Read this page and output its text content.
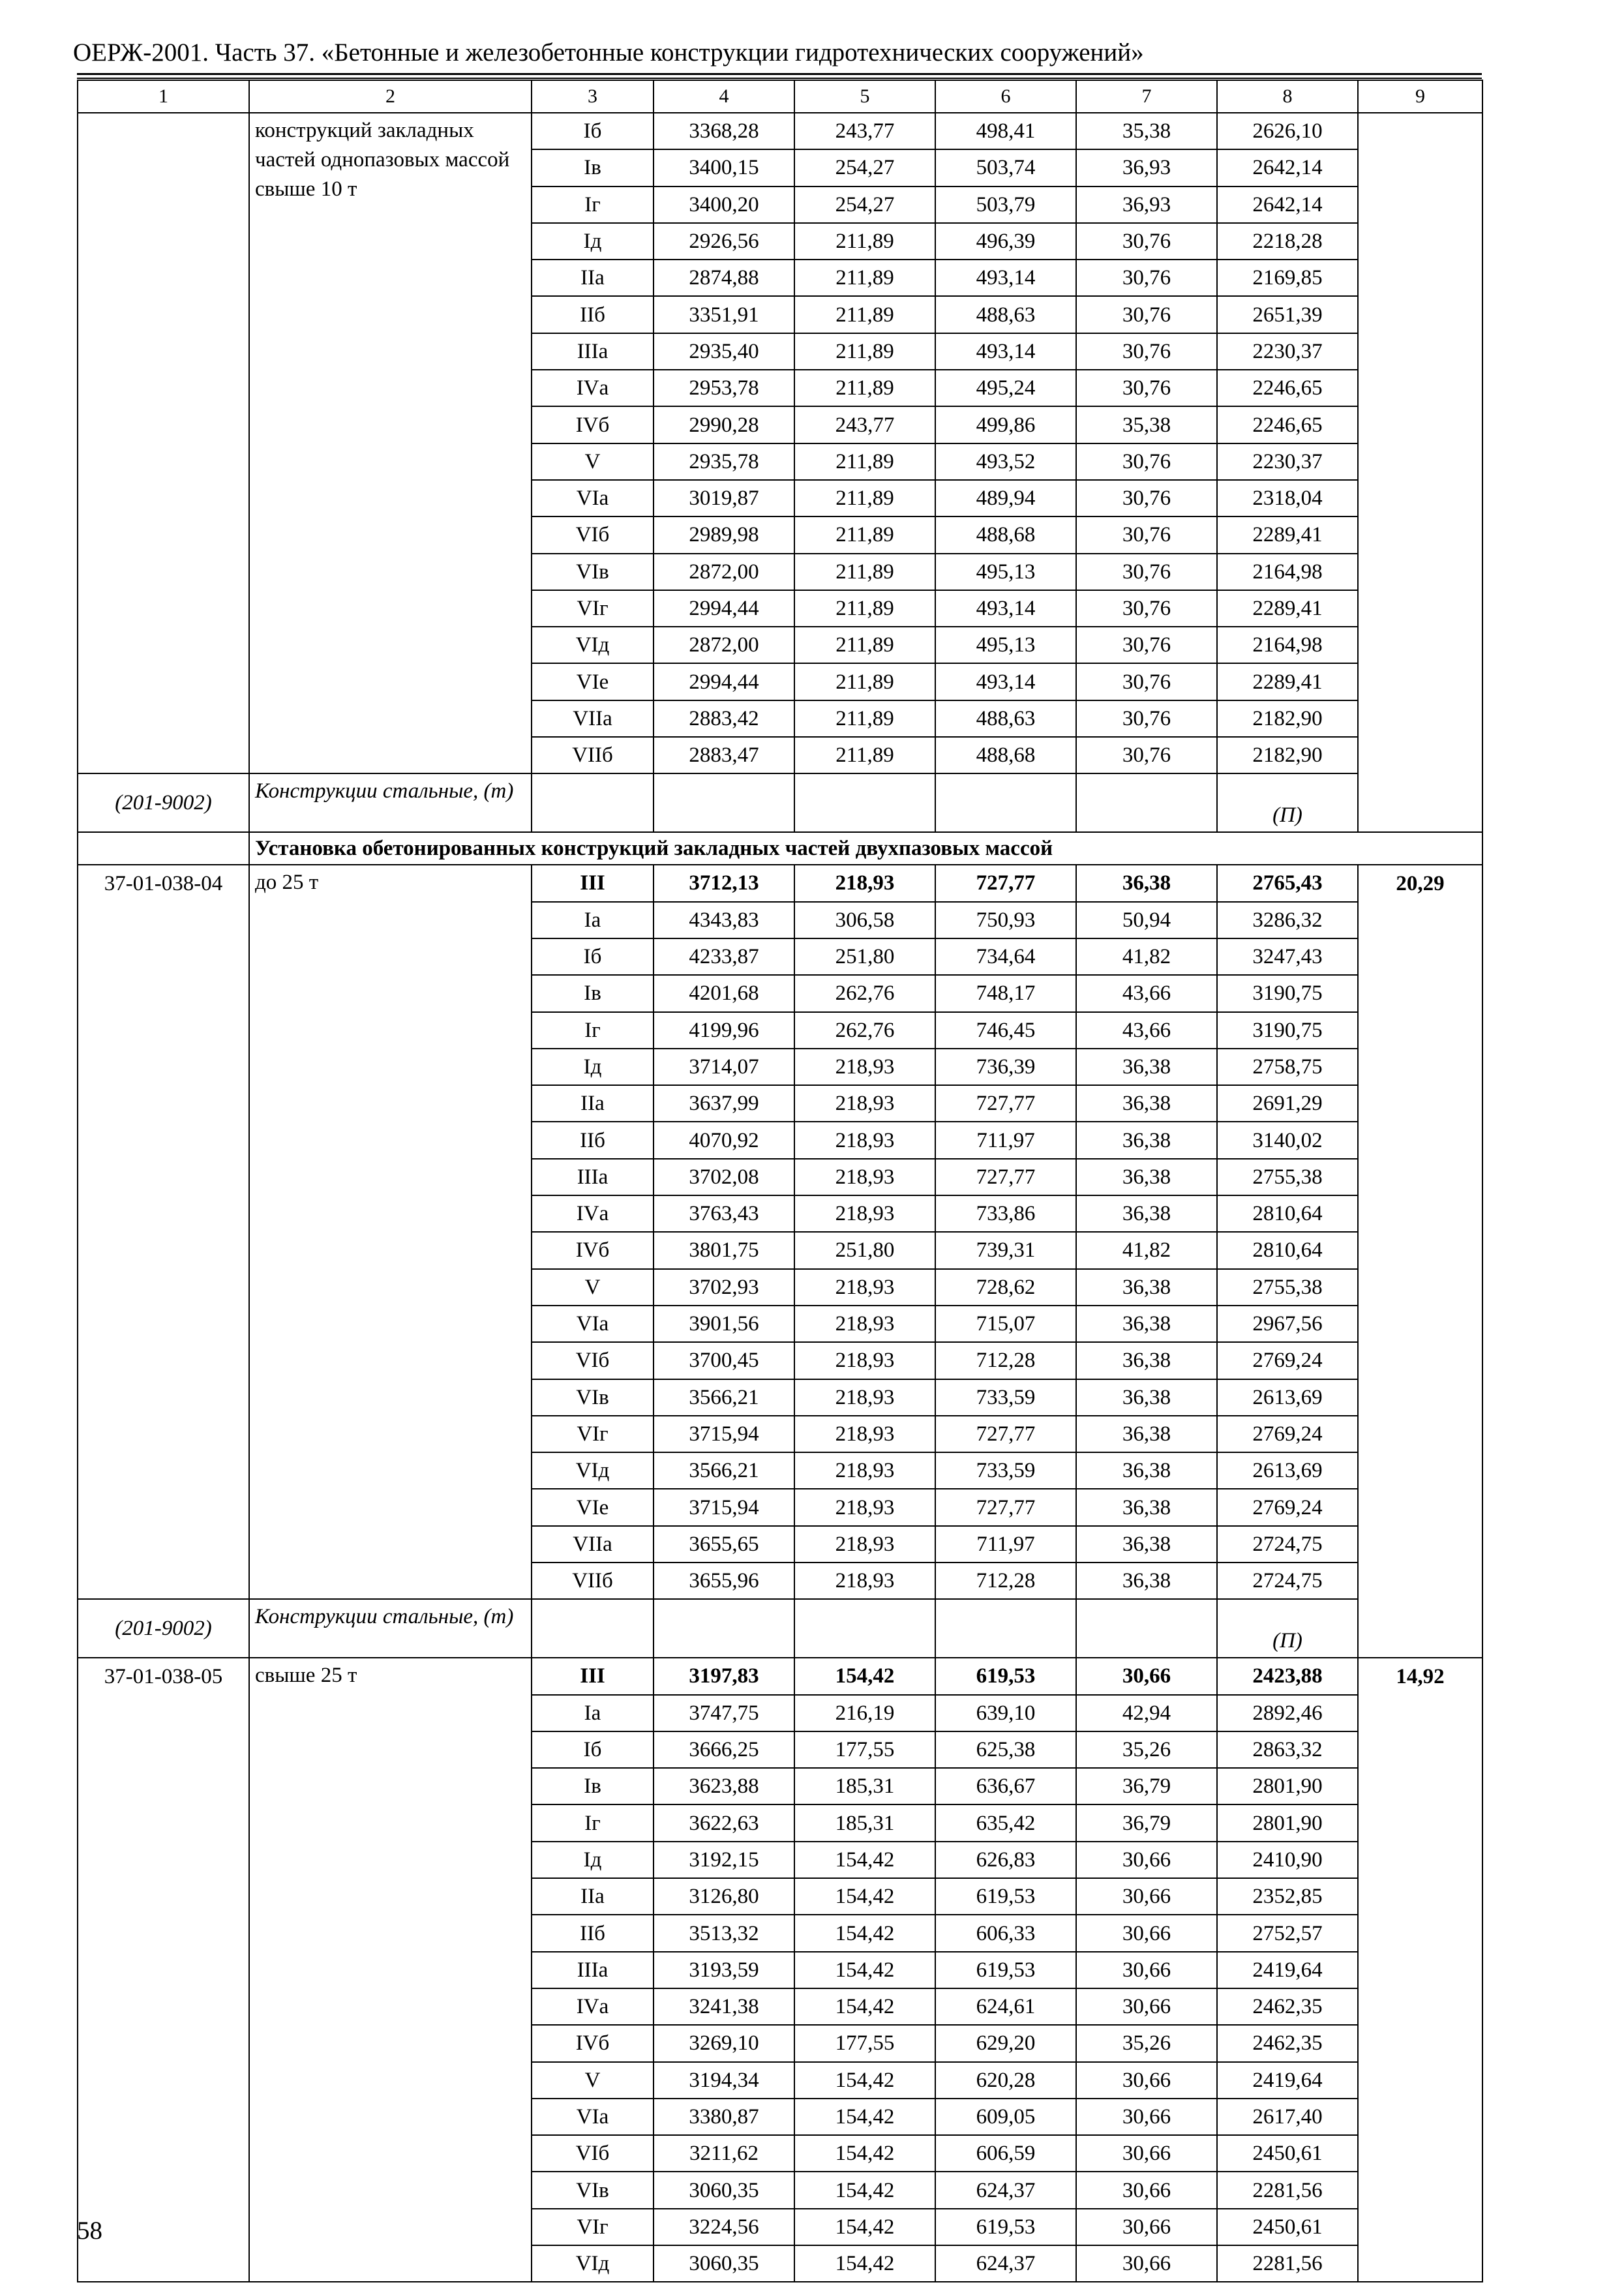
ОЕРЖ-2001. Часть 37. «Бетонные и железобетонные конструкции гидротехнических сооружений»
1	2	3	4	5	6	7	8	9
	конструкций закладных частей однопазовых массой свыше 10 т	Iб	3368,28	243,77	498,41	35,38	2626,10	
		Iв	3400,15	254,27	503,74	36,93	2642,14	
		Iг	3400,20	254,27	503,79	36,93	2642,14	
		Iд	2926,56	211,89	496,39	30,76	2218,28	
		IIа	2874,88	211,89	493,14	30,76	2169,85	
		IIб	3351,91	211,89	488,63	30,76	2651,39	
		IIIа	2935,40	211,89	493,14	30,76	2230,37	
		IVа	2953,78	211,89	495,24	30,76	2246,65	
		IVб	2990,28	243,77	499,86	35,38	2246,65	
		V	2935,78	211,89	493,52	30,76	2230,37	
		VIа	3019,87	211,89	489,94	30,76	2318,04	
		VIб	2989,98	211,89	488,68	30,76	2289,41	
		VIв	2872,00	211,89	495,13	30,76	2164,98	
		VIг	2994,44	211,89	493,14	30,76	2289,41	
		VIд	2872,00	211,89	495,13	30,76	2164,98	
		VIе	2994,44	211,89	493,14	30,76	2289,41	
		VIIа	2883,42	211,89	488,63	30,76	2182,90	
		VIIб	2883,47	211,89	488,68	30,76	2182,90	
(201-9002)	Конструкции стальные, (т)						(П)	
	Установка обетонированных конструкций закладных частей двухпазовых массой							
37-01-038-04	до 25 т	III	3712,13	218,93	727,77	36,38	2765,43	20,29
		Iа	4343,83	306,58	750,93	50,94	3286,32	
		Iб	4233,87	251,80	734,64	41,82	3247,43	
		Iв	4201,68	262,76	748,17	43,66	3190,75	
		Iг	4199,96	262,76	746,45	43,66	3190,75	
		Iд	3714,07	218,93	736,39	36,38	2758,75	
		IIа	3637,99	218,93	727,77	36,38	2691,29	
		IIб	4070,92	218,93	711,97	36,38	3140,02	
		IIIа	3702,08	218,93	727,77	36,38	2755,38	
		IVа	3763,43	218,93	733,86	36,38	2810,64	
		IVб	3801,75	251,80	739,31	41,82	2810,64	
		V	3702,93	218,93	728,62	36,38	2755,38	
		VIа	3901,56	218,93	715,07	36,38	2967,56	
		VIб	3700,45	218,93	712,28	36,38	2769,24	
		VIв	3566,21	218,93	733,59	36,38	2613,69	
		VIг	3715,94	218,93	727,77	36,38	2769,24	
		VIд	3566,21	218,93	733,59	36,38	2613,69	
		VIе	3715,94	218,93	727,77	36,38	2769,24	
		VIIа	3655,65	218,93	711,97	36,38	2724,75	
		VIIб	3655,96	218,93	712,28	36,38	2724,75	
(201-9002)	Конструкции стальные, (т)						(П)	
37-01-038-05	свыше 25 т	III	3197,83	154,42	619,53	30,66	2423,88	14,92
		Iа	3747,75	216,19	639,10	42,94	2892,46	
		Iб	3666,25	177,55	625,38	35,26	2863,32	
		Iв	3623,88	185,31	636,67	36,79	2801,90	
		Iг	3622,63	185,31	635,42	36,79	2801,90	
		Iд	3192,15	154,42	626,83	30,66	2410,90	
		IIа	3126,80	154,42	619,53	30,66	2352,85	
		IIб	3513,32	154,42	606,33	30,66	2752,57	
		IIIа	3193,59	154,42	619,53	30,66	2419,64	
		IVа	3241,38	154,42	624,61	30,66	2462,35	
		IVб	3269,10	177,55	629,20	35,26	2462,35	
		V	3194,34	154,42	620,28	30,66	2419,64	
		VIа	3380,87	154,42	609,05	30,66	2617,40	
		VIб	3211,62	154,42	606,59	30,66	2450,61	
		VIв	3060,35	154,42	624,37	30,66	2281,56	
		VIг	3224,56	154,42	619,53	30,66	2450,61	
		VIд	3060,35	154,42	624,37	30,66	2281,56	
58
